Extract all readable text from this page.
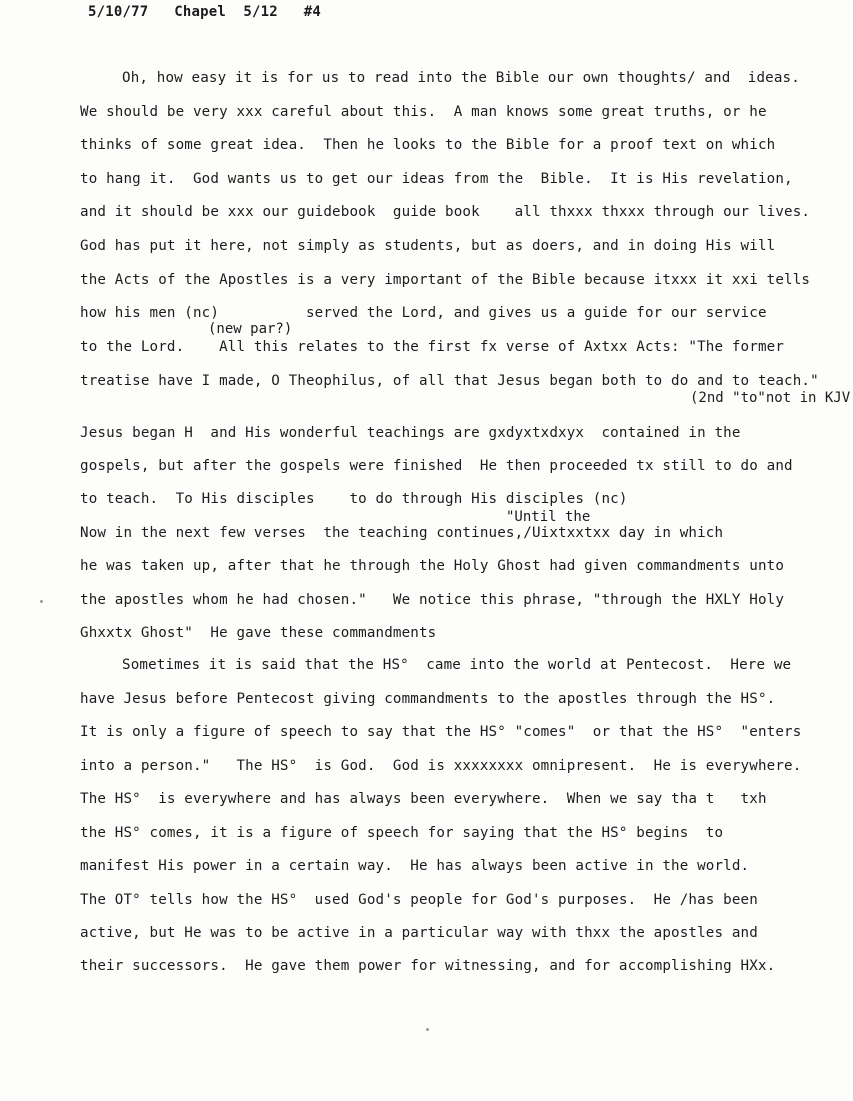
5/10/77   Chapel  5/12   #4
Oh, how easy it is for us to read into the Bible our own thoughts/ and  ideas.
We should be very xxx careful about this.  A man knows some great truths, or he
thinks of some great idea.  Then he looks to the Bible for a proof text on which
to hang it.  God wants us to get our ideas from the  Bible.  It is His revelation,
and it should be xxx our guidebook  guide book    all thxxx thxxx through our lives.
God has put it here, not simply as students, but as doers, and in doing His will
the Acts of the Apostles is a very important of the Bible because itxxx it xxi tells
how his men (nc)          served the Lord, and gives us a guide for our service
(new par?)
to the Lord.    All this relates to the first fx verse of Axtxx Acts: "The former
treatise have I made, O Theophilus, of all that Jesus began both to do and to teach."
(2nd "to"not in KJV
Jesus began H  and His wonderful teachings are gxdyxtxdxyx  contained in the
gospels, but after the gospels were finished  He then proceeded tx still to do and
to teach.  To His disciples    to do through His disciples (nc)
"Until the
Now in the next few verses  the teaching continues,/Uixtxxtxx day in which
he was taken up, after that he through the Holy Ghost had given commandments unto
the apostles whom he had chosen."   We notice this phrase, "through the HXLY Holy
Ghxxtx Ghost"  He gave these commandments
Sometimes it is said that the HS°  came into the world at Pentecost.  Here we
have Jesus before Pentecost giving commandments to the apostles through the HS°.
It is only a figure of speech to say that the HS° "comes"  or that the HS°  "enters
into a person."   The HS°  is God.  God is xxxxxxxx omnipresent.  He is everywhere.
The HS°  is everywhere and has always been everywhere.  When we say tha t   txh
the HS° comes, it is a figure of speech for saying that the HS° begins  to
manifest His power in a certain way.  He has always been active in the world.
The OT° tells how the HS°  used God's people for God's purposes.  He /has been
active, but He was to be active in a particular way with thxx the apostles and
their successors.  He gave them power for witnessing, and for accomplishing HXx.
